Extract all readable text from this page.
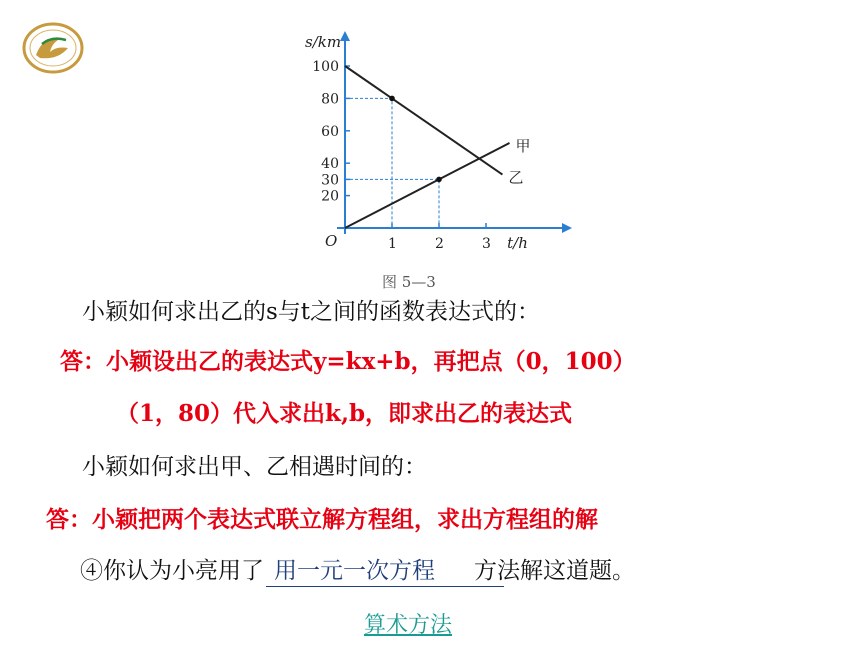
1	2	3
20
30
40
60
80
100
s/km
t/h
O
甲
乙
图 5—3
小颖如何求出乙的s与t之间的函数表达式的：
答：小颖设出乙的表达式y=kx+b，再把点（0，100）
（1，80）代入求出k,b，即求出乙的表达式
小颖如何求出甲、乙相遇时间的：
答：小颖把两个表达式联立解方程组，求出方程组的解
④你认为小亮用了 用一元一次方程 方法解这道题。
算术方法
